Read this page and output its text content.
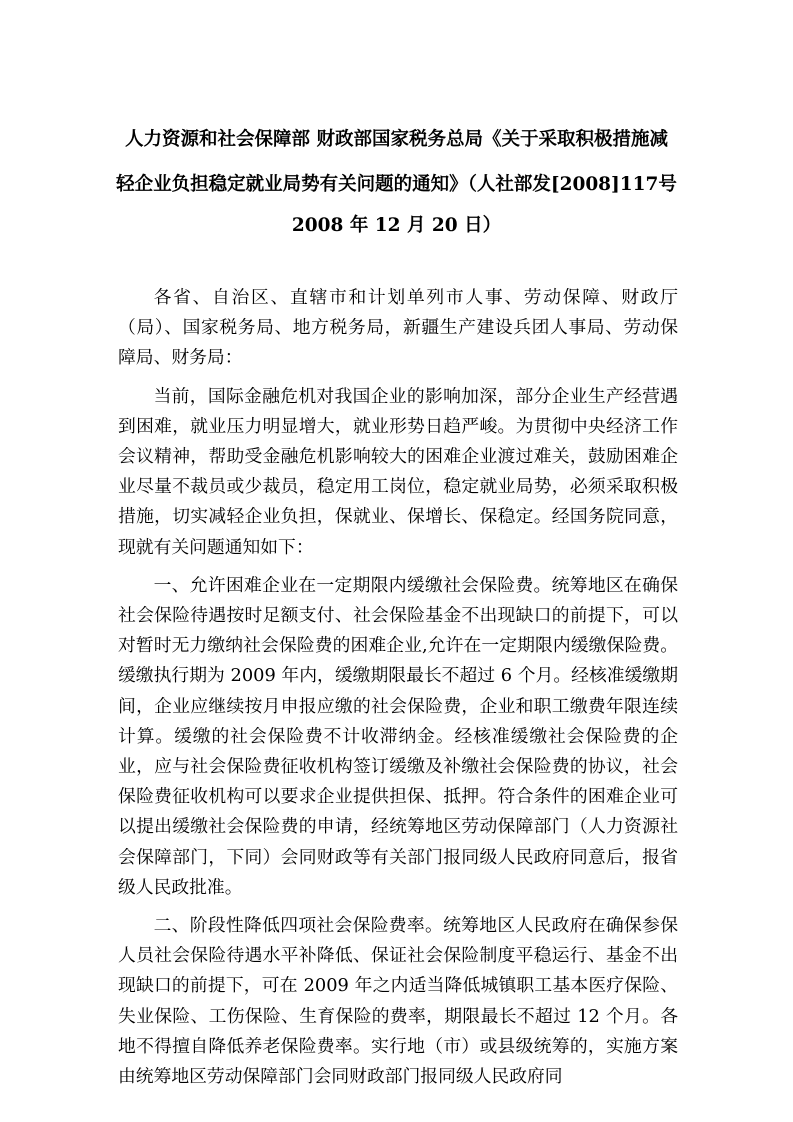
人力资源和社会保障部 财政部国家税务总局《关于采取积极措施减
轻企业负担稳定就业局势有关问题的通知》（人社部发[2008]117号
2008 年 12 月 20 日）

各省、自治区、直辖市和计划单列市人事、劳动保障、财政厅（局）、国家税务局、地方税务局，新疆生产建设兵团人事局、劳动保障局、财务局：

当前，国际金融危机对我国企业的影响加深，部分企业生产经营遇到困难，就业压力明显增大，就业形势日趋严峻。为贯彻中央经济工作会议精神，帮助受金融危机影响较大的困难企业渡过难关，鼓励困难企业尽量不裁员或少裁员，稳定用工岗位，稳定就业局势，必须采取积极措施，切实减轻企业负担，保就业、保增长、保稳定。经国务院同意，现就有关问题通知如下：

一、允许困难企业在一定期限内缓缴社会保险费。统筹地区在确保社会保险待遇按时足额支付、社会保险基金不出现缺口的前提下，可以对暂时无力缴纳社会保险费的困难企业,允许在一定期限内缓缴保险费。缓缴执行期为 2009 年内，缓缴期限最长不超过 6 个月。经核准缓缴期间，企业应继续按月申报应缴的社会保险费，企业和职工缴费年限连续计算。缓缴的社会保险费不计收滞纳金。经核准缓缴社会保险费的企业，应与社会保险费征收机构签订缓缴及补缴社会保险费的协议，社会保险费征收机构可以要求企业提供担保、抵押。符合条件的困难企业可以提出缓缴社会保险费的申请，经统筹地区劳动保障部门（人力资源社会保障部门，下同）会同财政等有关部门报同级人民政府同意后，报省级人民政批准。

二、阶段性降低四项社会保险费率。统筹地区人民政府在确保参保人员社会保险待遇水平补降低、保证社会保险制度平稳运行、基金不出现缺口的前提下，可在 2009 年之内适当降低城镇职工基本医疗保险、失业保险、工伤保险、生育保险的费率，期限最长不超过 12 个月。各地不得擅自降低养老保险费率。实行地（市）或县级统筹的，实施方案由统筹地区劳动保障部门会同财政部门报同级人民政府同
